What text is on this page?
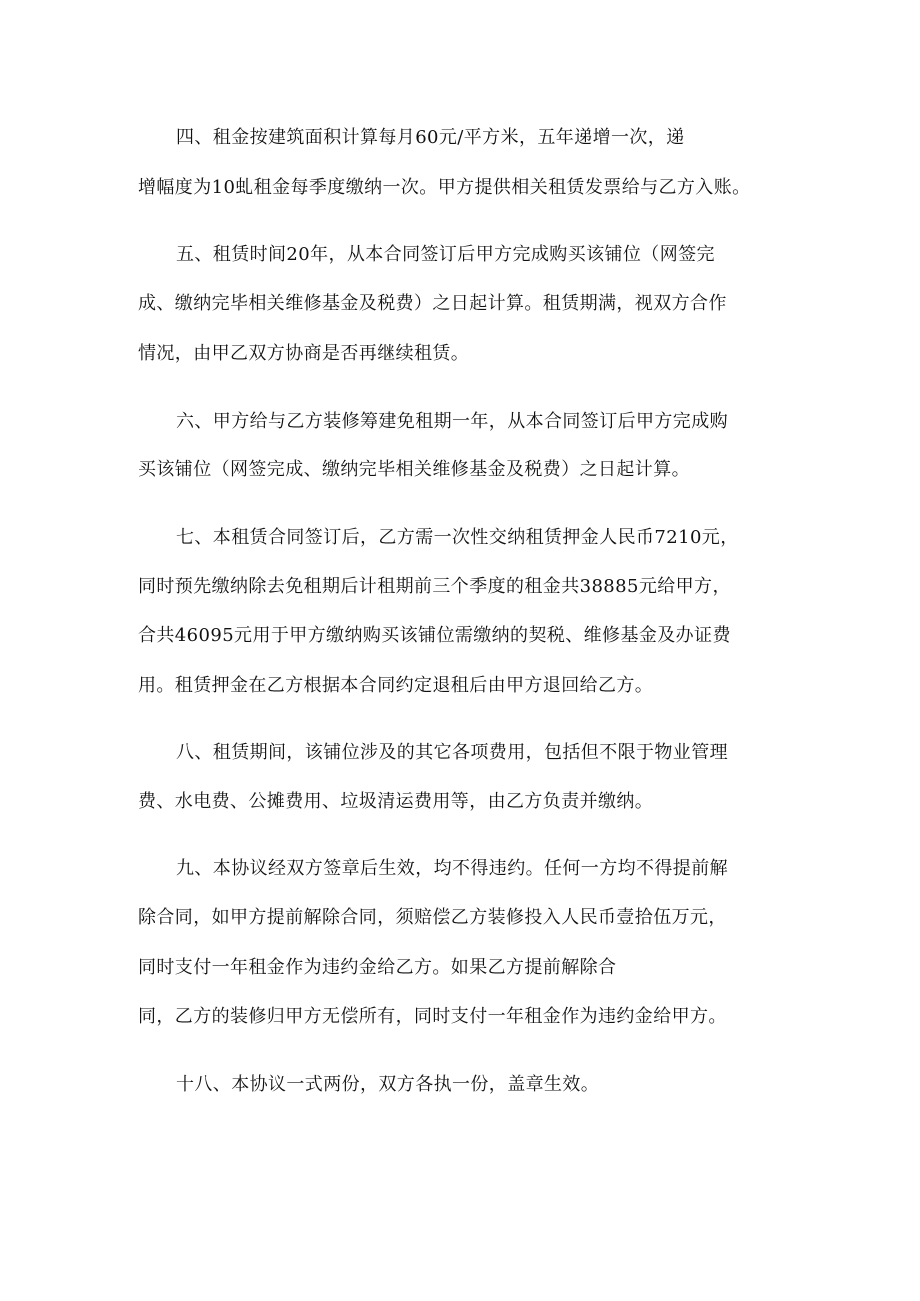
四、租金按建筑面积计算每月60元/平方米，五年递增一次，递
增幅度为10虬租金每季度缴纳一次。甲方提供相关租赁发票给与乙方入账。
五、租赁时间20年，从本合同签订后甲方完成购买该铺位（网签完
成、缴纳完毕相关维修基金及税费）之日起计算。租赁期满，视双方合作
情况，由甲乙双方协商是否再继续租赁。
六、甲方给与乙方装修筹建免租期一年，从本合同签订后甲方完成购
买该铺位（网签完成、缴纳完毕相关维修基金及税费）之日起计算。
七、本租赁合同签订后，乙方需一次性交纳租赁押金人民币7210元，
同时预先缴纳除去免租期后计租期前三个季度的租金共38885元给甲方，
合共46095元用于甲方缴纳购买该铺位需缴纳的契税、维修基金及办证费
用。租赁押金在乙方根据本合同约定退租后由甲方退回给乙方。
八、租赁期间，该铺位涉及的其它各项费用，包括但不限于物业管理
费、水电费、公摊费用、垃圾清运费用等，由乙方负责并缴纳。
九、本协议经双方签章后生效，均不得违约。任何一方均不得提前解
除合同，如甲方提前解除合同，须赔偿乙方装修投入人民币壹拾伍万元，
同时支付一年租金作为违约金给乙方。如果乙方提前解除合
同，乙方的装修归甲方无偿所有，同时支付一年租金作为违约金给甲方。
十八、本协议一式两份，双方各执一份，盖章生效。
